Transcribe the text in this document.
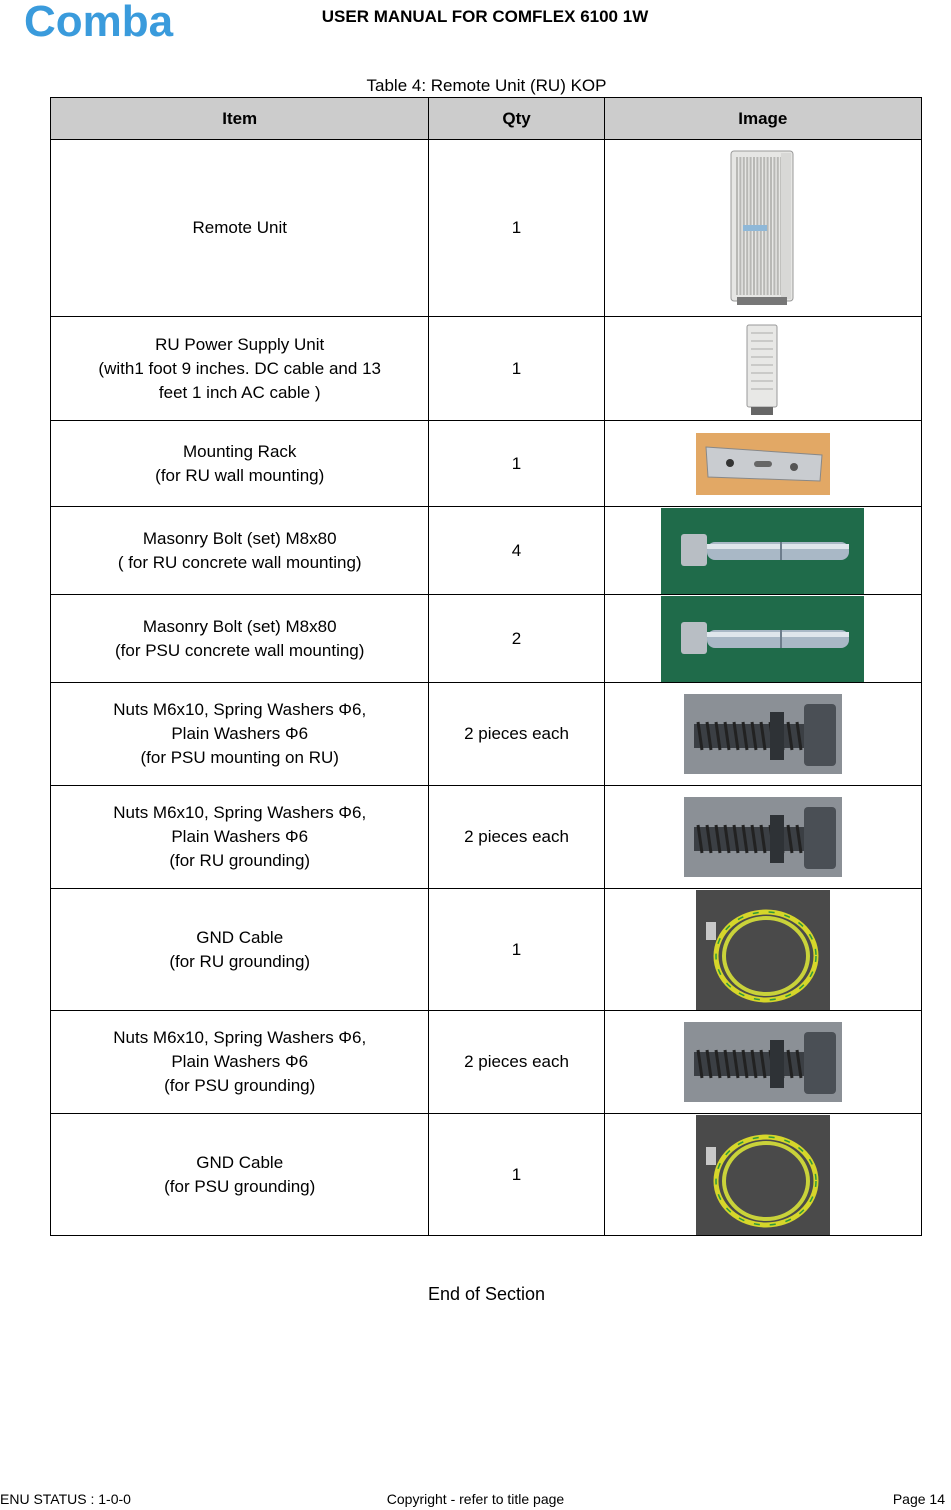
Comba	USER MANUAL FOR COMFLEX 6100 1W
Table 4: Remote Unit (RU) KOP
Item	Qty	Image

Remote Unit	1	

RU Power Supply Unit
(with1 foot 9 inches. DC cable and 13
feet 1 inch AC cable )	1	

Mounting Rack
(for RU wall mounting)	1	

Masonry Bolt (set) M8x80
( for RU concrete wall mounting)	4	

Masonry Bolt (set) M8x80
(for PSU concrete wall mounting)	2	

Nuts M6x10, Spring Washers Φ6,
Plain Washers Φ6
(for PSU mounting on RU)	2 pieces each	

Nuts M6x10, Spring Washers Φ6,
Plain Washers Φ6
(for RU grounding)	2 pieces each	

GND Cable
(for RU grounding)	1	

Nuts M6x10, Spring Washers Φ6,
Plain Washers Φ6
(for PSU grounding)	2 pieces each	

GND Cable
(for PSU grounding)	1	
End of Section
ENU STATUS : 1-0-0	Copyright - refer to title page	Page 14
